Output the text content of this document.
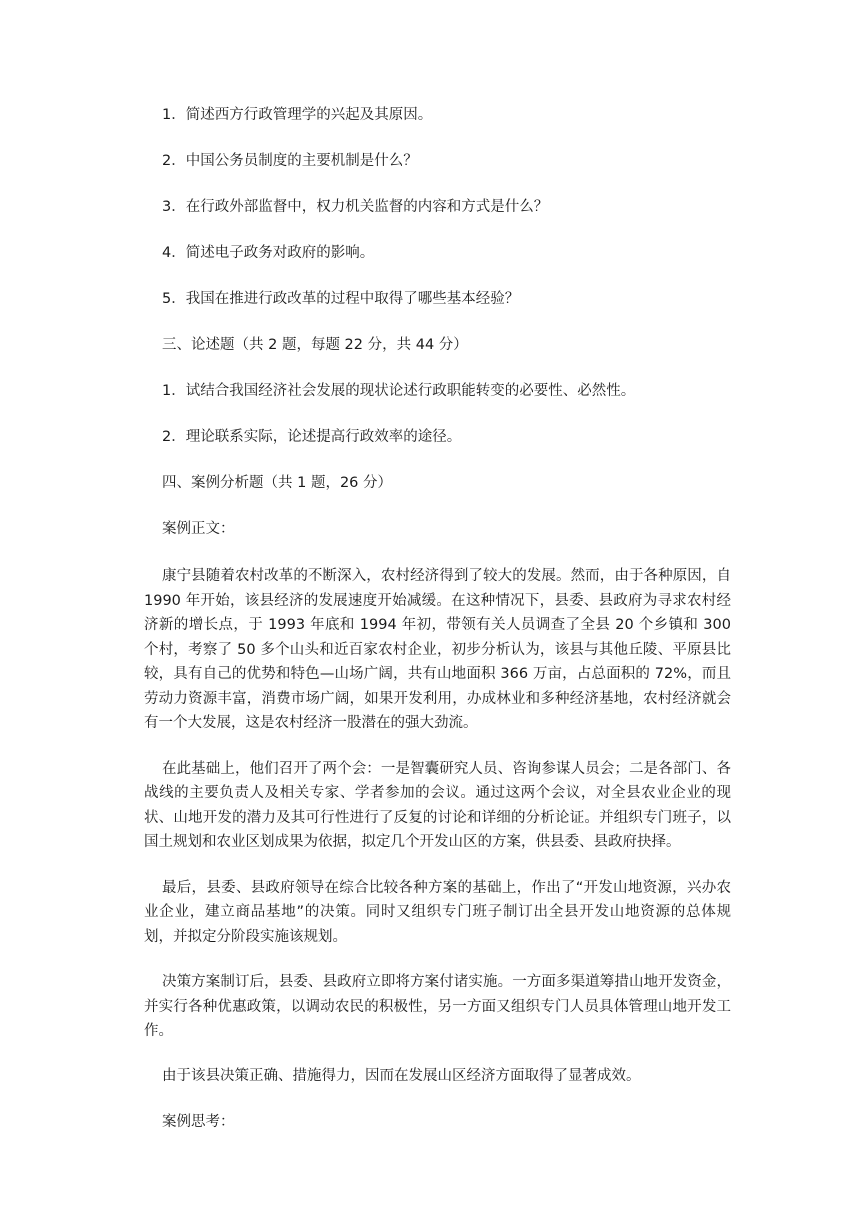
1．简述西方行政管理学的兴起及其原因。

2．中国公务员制度的主要机制是什么？

3．在行政外部监督中，权力机关监督的内容和方式是什么？

4．简述电子政务对政府的影响。

5．我国在推进行政改革的过程中取得了哪些基本经验？

三、论述题（共 2 题，每题 22 分，共 44 分）

1．试结合我国经济社会发展的现状论述行政职能转变的必要性、必然性。

2．理论联系实际，论述提高行政效率的途径。

四、案例分析题（共 1 题，26 分）

案例正文：

康宁县随着农村改革的不断深入，农村经济得到了较大的发展。然而，由于各种原因，自 1990 年开始，该县经济的发展速度开始减缓。在这种情况下，县委、县政府为寻求农村经济新的增长点，于 1993 年底和 1994 年初，带领有关人员调查了全县 20 个乡镇和 300 个村，考察了 50 多个山头和近百家农村企业，初步分析认为，该县与其他丘陵、平原县比较，具有自己的优势和特色—山场广阔，共有山地面积 366 万亩，占总面积的 72%，而且劳动力资源丰富，消费市场广阔，如果开发利用，办成林业和多种经济基地，农村经济就会有一个大发展，这是农村经济一股潜在的强大劲流。

在此基础上，他们召开了两个会：一是智囊研究人员、咨询参谋人员会；二是各部门、各战线的主要负责人及相关专家、学者参加的会议。通过这两个会议，对全县农业企业的现状、山地开发的潜力及其可行性进行了反复的讨论和详细的分析论证。并组织专门班子，以国土规划和农业区划成果为依据，拟定几个开发山区的方案，供县委、县政府抉择。

最后，县委、县政府领导在综合比较各种方案的基础上，作出了“开发山地资源，兴办农业企业，建立商品基地”的决策。同时又组织专门班子制订出全县开发山地资源的总体规划，并拟定分阶段实施该规划。

决策方案制订后，县委、县政府立即将方案付诸实施。一方面多渠道筹措山地开发资金，并实行各种优惠政策，以调动农民的积极性，另一方面又组织专门人员具体管理山地开发工作。

由于该县决策正确、措施得力，因而在发展山区经济方面取得了显著成效。

案例思考：
